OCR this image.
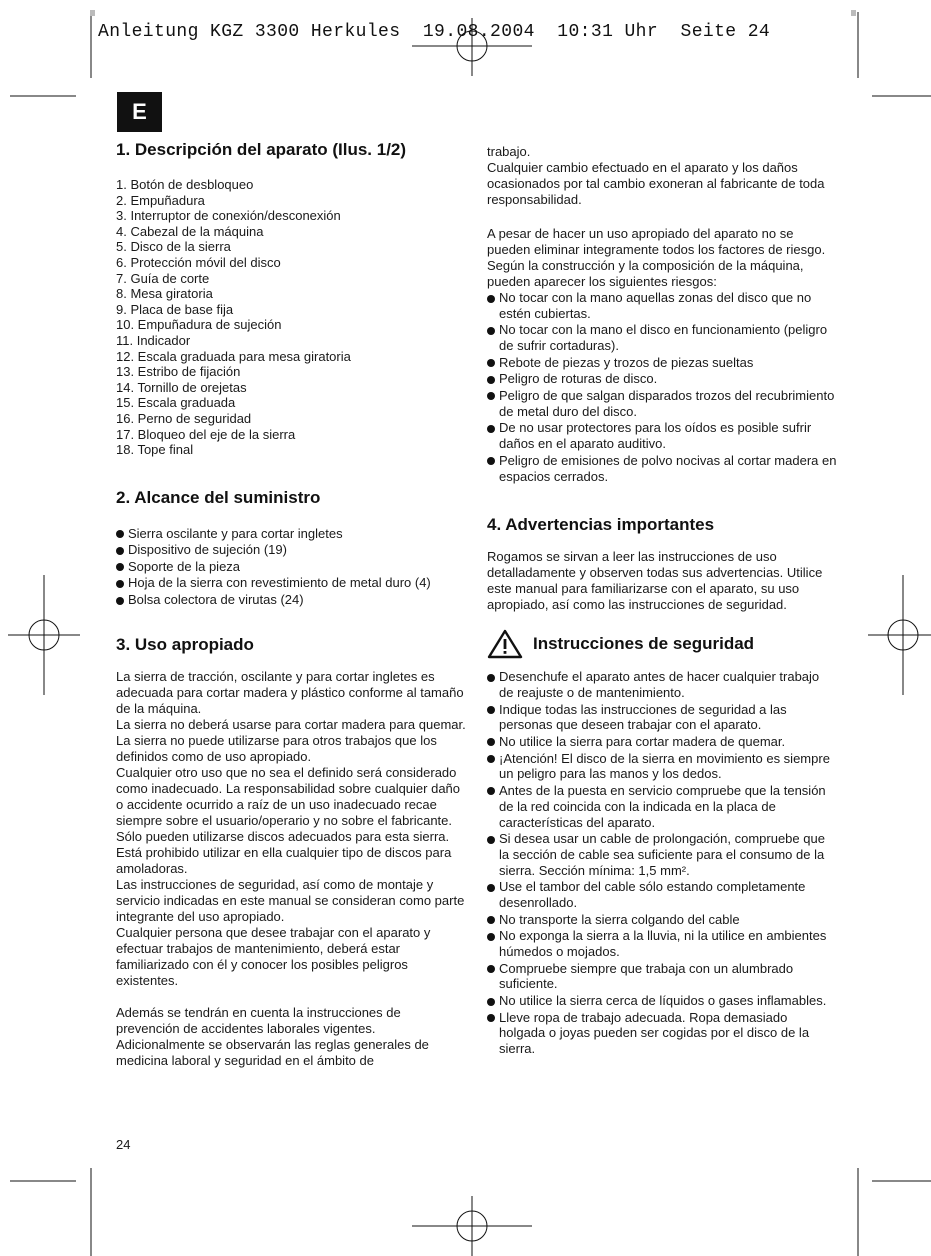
Anleitung KGZ 3300 Herkules  19.08.2004  10:31 Uhr  Seite 24
E
1. Descripción del aparato (Ilus. 1/2)
1. Botón de desbloqueo
2. Empuñadura
3. Interruptor de conexión/desconexión
4. Cabezal de la máquina
5. Disco de la sierra
6. Protección móvil del disco
7. Guía de corte
8. Mesa giratoria
9. Placa de base fija
10. Empuñadura de sujeción
11. Indicador
12. Escala graduada para mesa giratoria
13. Estribo de fijación
14. Tornillo de orejetas
15. Escala graduada
16. Perno de seguridad
17. Bloqueo del eje de la sierra
18. Tope final
2. Alcance del suministro
Sierra oscilante y para cortar ingletes
Dispositivo de sujeción (19)
Soporte de la pieza
Hoja de la sierra con revestimiento de metal duro (4)
Bolsa colectora de virutas (24)
3. Uso apropiado

La sierra de tracción, oscilante y para cortar ingletes es adecuada para cortar madera y plástico conforme al tamaño de la máquina.

La sierra no deberá usarse para cortar madera para quemar.

La sierra no puede utilizarse para otros trabajos que los definidos como de uso apropiado.

Cualquier otro uso que no sea el definido será considerado como inadecuado. La responsabilidad sobre cualquier daño o accidente ocurrido a raíz de un uso inadecuado recae siempre sobre el usuario/operario y no sobre el fabricante.

Sólo pueden utilizarse discos adecuados para esta sierra. Está prohibido utilizar en ella cualquier tipo de discos para amoladoras.

Las instrucciones de seguridad, así como de montaje y servicio indicadas en este manual se consideran como parte integrante del uso apropiado.

Cualquier persona que desee trabajar con el aparato y efectuar trabajos de mantenimiento, deberá estar familiarizado con él y conocer los posibles peligros existentes.

Además se tendrán en cuenta la instrucciones de prevención de accidentes laborales vigentes. Adicionalmente se observarán las reglas generales de medicina laboral y seguridad en el ámbito de

trabajo.

Cualquier cambio efectuado en el aparato y los daños ocasionados por tal cambio exoneran al fabricante de toda responsabilidad.

A pesar de hacer un uso apropiado del aparato no se pueden eliminar integramente todos los factores de riesgo. Según la construcción y la composición de la máquina, pueden aparecer los siguientes riesgos:

No tocar con la mano aquellas zonas del disco que no estén cubiertas.
No tocar con la mano el disco en funcionamiento (peligro de sufrir cortaduras).
Rebote de piezas y trozos de piezas sueltas
Peligro de roturas de disco.
Peligro de que salgan disparados trozos del recubrimiento de metal duro del disco.
De no usar protectores para los oídos es posible sufrir daños en el aparato auditivo.
Peligro de emisiones de polvo nocivas al cortar madera en espacios cerrados.
4. Advertencias importantes

Rogamos se sirvan a leer las instrucciones de uso detalladamente y observen todas sus advertencias. Utilice este manual para familiarizarse con el aparato, su uso apropiado, así como las instrucciones de seguridad.

Instrucciones de seguridad
Desenchufe el aparato antes de hacer cualquier trabajo de reajuste o de mantenimiento.
Indique todas las instrucciones de seguridad a las personas que deseen trabajar con el aparato.
No utilice la sierra para cortar madera de quemar.
¡Atención! El disco de la sierra en movimiento es siempre un peligro para las manos y los dedos.
Antes de la puesta en servicio compruebe que la tensión de la red coincida con la indicada en la placa de características del aparato.
Si desea usar un cable de prolongación, compruebe que la sección de cable sea suficiente para el consumo de la sierra. Sección mínima: 1,5 mm².
Use el tambor del cable sólo estando completamente desenrollado.
No transporte la sierra colgando del cable
No exponga la sierra a la lluvia, ni la utilice en ambientes húmedos o mojados.
Compruebe siempre que trabaja con un alumbrado suficiente.
No utilice la sierra cerca de líquidos o gases inflamables.
Lleve ropa de trabajo adecuada. Ropa demasiado holgada o joyas pueden ser cogidas por el disco de la sierra.
24
